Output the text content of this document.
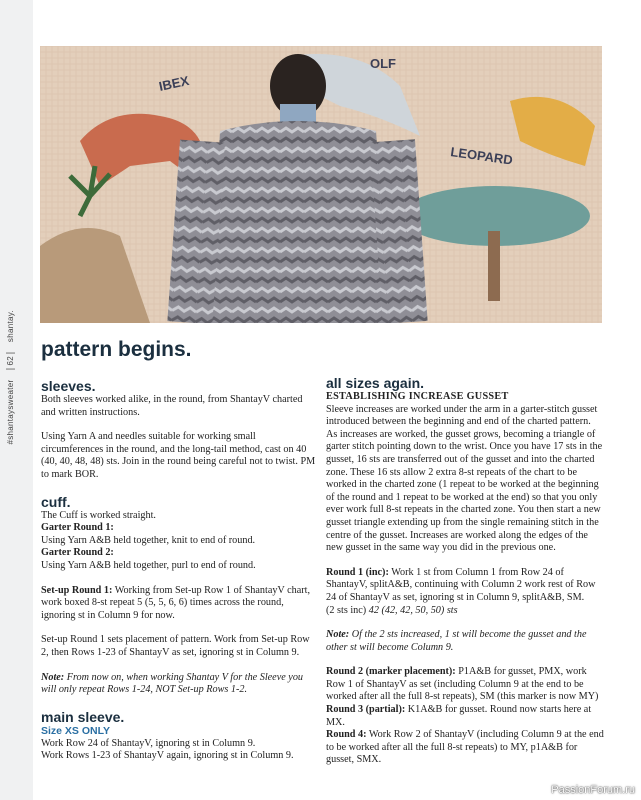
#shantaysweater62shantay.
IBEX
OLF
LEOPARD
pattern begins.
sleeves.

Both sleeves worked alike, in the round, from ShantayV charted and written instructions.

Using Yarn A and needles suitable for working small circumferences in the round, and the long-tail method, cast on 40 (40, 40, 48, 48) sts. Join in the round being careful not to twist. PM to mark BOR.

cuff.

The Cuff is worked straight.

Garter Round 1:

Using Yarn A&B held together, knit to end of round.

Garter Round 2:

Using Yarn A&B held together, purl to end of round.

Set-up Round 1: Working from Set-up Row 1 of ShantayV chart, work boxed 8-st repeat 5 (5, 5, 6, 6) times across the round, ignoring st in Column 9 for now.

Set-up Round 1 sets placement of pattern. Work from Set-up Row 2, then Rows 1-23 of ShantayV as set, ignoring st in Column 9.

Note: From now on, when working Shantay V for the Sleeve you will only repeat Rows 1-24, NOT Set-up Rows 1-2.

main sleeve.
Size XS ONLY

Work Row 24 of ShantayV, ignoring st in Column 9.

Work Rows 1-23 of ShantayV again, ignoring st in Column 9.

all sizes again.
ESTABLISHING INCREASE GUSSET

Sleeve increases are worked under the arm in a garter-stitch gusset introduced between the beginning and end of the charted pattern. As increases are worked, the gusset grows, becoming a triangle of garter stitch pointing down to the wrist. Once you have 17 sts in the gusset, 16 sts are transferred out of the gusset and into the charted zone. These 16 sts allow 2 extra 8-st repeats of the chart to be worked in the charted zone (1 repeat to be worked at the beginning of the round and 1 repeat to be worked at the end) so that you only ever work full 8-st repeats in the charted zone. You then start a new gusset triangle extending up from the single remaining stitch in the centre of the gusset. Increases are worked along the edges of the new gusset in the same way you did in the previous one.

Round 1 (inc): Work 1 st from Column 1 from Row 24 of ShantayV, splitA&B, continuing with Column 2 work rest of Row 24 of ShantayV as set, ignoring st in Column 9, splitA&B, SM.

(2 sts inc) 42 (42, 42, 50, 50) sts

Note: Of the 2 sts increased, 1 st will become the gusset and the other st will become Column 9.

Round 2 (marker placement): P1A&B for gusset, PMX, work Row 1 of ShantayV as set (including Column 9 at the end to be worked after all the full 8-st repeats), SM (this marker is now MY)

Round 3 (partial): K1A&B for gusset. Round now starts here at MX.

Round 4: Work Row 2 of ShantayV (including Column 9 at the end to be worked after all the full 8-st repeats) to MY, p1A&B for gusset, SMX.

PassionForum.ru
